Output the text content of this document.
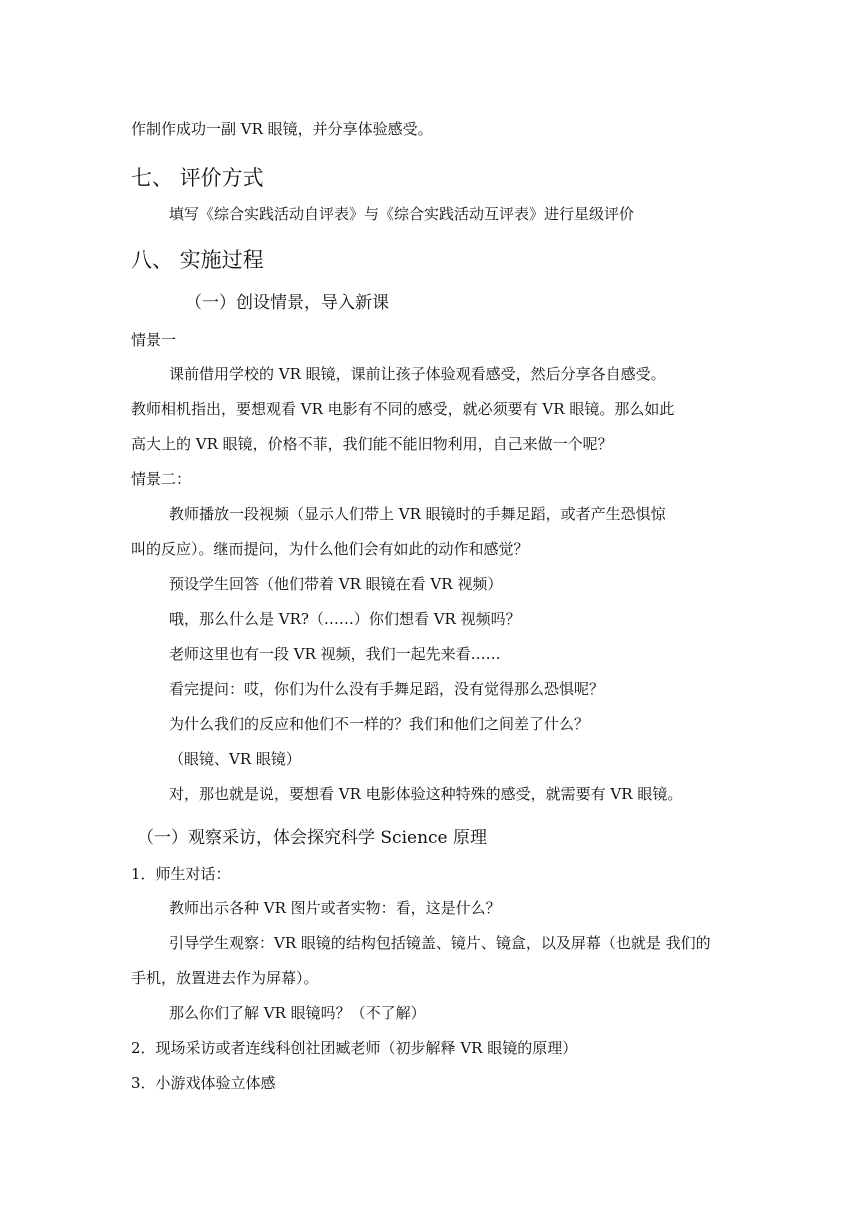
作制作成功一副 VR 眼镜，并分享体验感受。
七、 评价方式
填写《综合实践活动自评表》与《综合实践活动互评表》进行星级评价
八、 实施过程
（一）创设情景，导入新课
情景一
课前借用学校的 VR 眼镜，课前让孩子体验观看感受，然后分享各自感受。
教师相机指出，要想观看 VR 电影有不同的感受，就必须要有 VR 眼镜。那么如此
高大上的 VR 眼镜，价格不菲，我们能不能旧物利用，自己来做一个呢？
情景二：
教师播放一段视频（显示人们带上 VR 眼镜时的手舞足蹈，或者产生恐惧惊
叫的反应）。继而提问，为什么他们会有如此的动作和感觉？
预设学生回答（他们带着 VR 眼镜在看 VR 视频）
哦，那么什么是 VR?（……）你们想看 VR 视频吗？
老师这里也有一段 VR 视频，我们一起先来看……
看完提问：哎，你们为什么没有手舞足蹈，没有觉得那么恐惧呢？
为什么我们的反应和他们不一样的？我们和他们之间差了什么？
（眼镜、VR 眼镜）
对，那也就是说，要想看 VR 电影体验这种特殊的感受，就需要有 VR 眼镜。
（一）观察采访，体会探究科学 Science 原理
1．师生对话：
教师出示各种 VR 图片或者实物：看，这是什么？
引导学生观察：VR 眼镜的结构包括镜盖、镜片、镜盒，以及屏幕（也就是 我们的
手机，放置进去作为屏幕）。
那么你们了解 VR 眼镜吗？（不了解）
2．现场采访或者连线科创社团臧老师（初步解释 VR 眼镜的原理）
3．小游戏体验立体感
